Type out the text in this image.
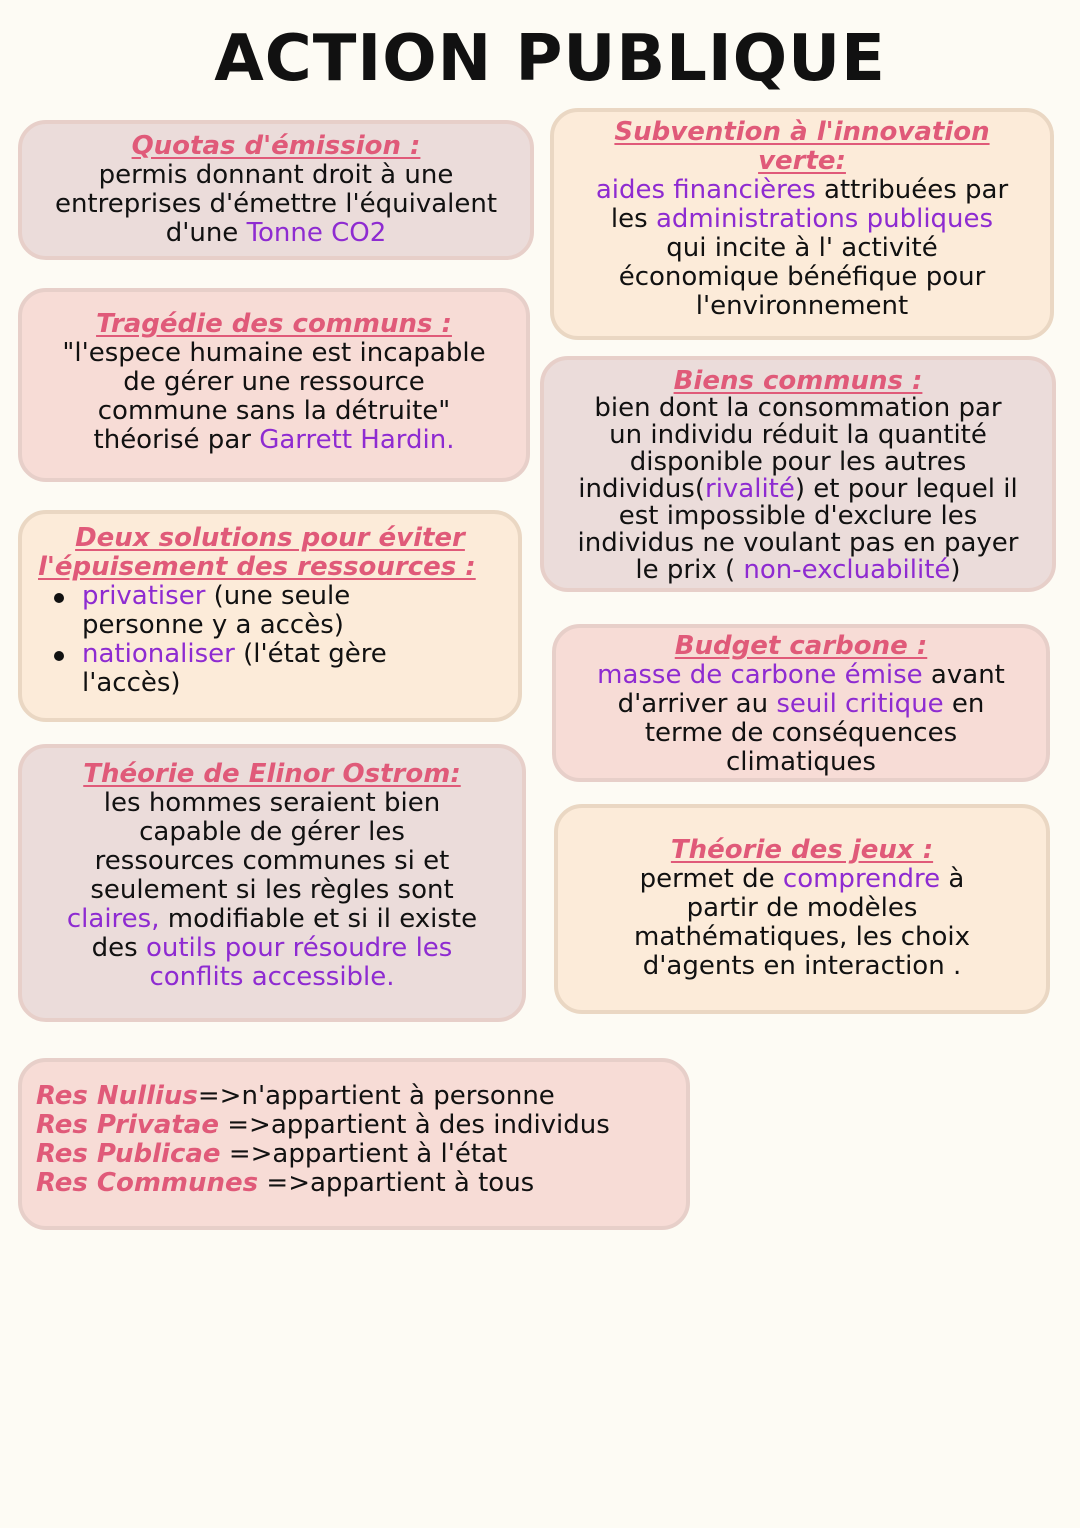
ACTION PUBLIQUE
Quotas d'émission :
permis donnant droit à une
entreprises d'émettre l'équivalent
d'une Tonne CO2
Subvention à l'innovation
verte:
aides financières attribuées par
les administrations publiques
qui incite à l' activité
économique bénéfique pour
l'environnement
Tragédie des communs :
"l'espece humaine est incapable
de gérer une ressource
commune sans la détruite"
théorisé par Garrett Hardin.
Biens communs :
bien dont la consommation par
un individu réduit la quantité
disponible pour les autres
individus(rivalité) et pour lequel il
est impossible d'exclure les
individus ne voulant pas en payer
le prix ( non-excluabilité)
Deux solutions pour éviter
l'épuisement des ressources :
privatiser (une seule
personne y a accès)
nationaliser (l'état gère
l'accès)
Budget carbone :
masse de carbone émise avant
d'arriver au seuil critique en
terme de conséquences
climatiques
Théorie de Elinor Ostrom:
les hommes seraient bien
capable de gérer les
ressources communes si et
seulement si les règles sont
claires, modifiable et si il existe
des outils pour résoudre les
conflits accessible.
Théorie des jeux :
permet de comprendre à
partir de modèles
mathématiques, les choix
d'agents en interaction .
Res Nullius=>n'appartient à personne
Res Privatae =>appartient à des individus
Res Publicae =>appartient à l'état
Res Communes =>appartient à tous
